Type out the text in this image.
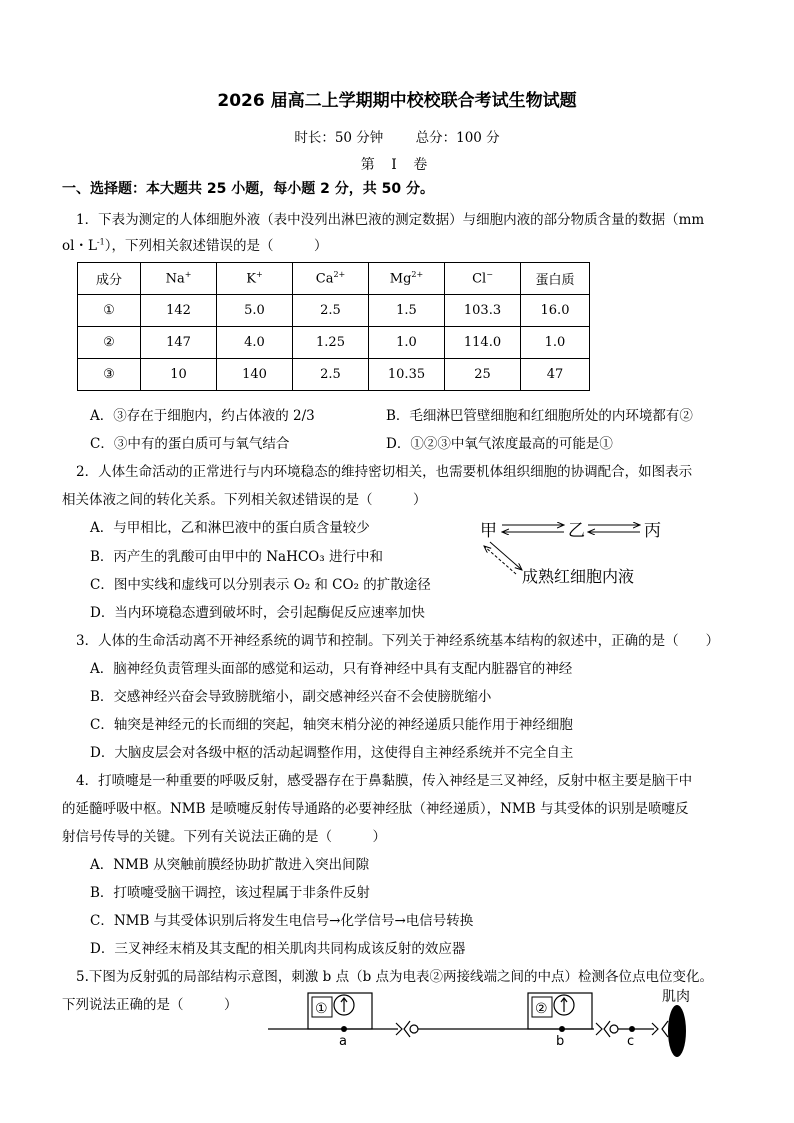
2026 届高二上学期期中校校联合考试生物试题
时长：50 分钟 总分：100 分
第 Ⅰ 卷
一、选择题：本大题共 25 小题，每小题 2 分，共 50 分。
1．下表为测定的人体细胞外液（表中没列出淋巴液的测定数据）与细胞内液的部分物质含量的数据（mm
ol・$L^{-1}$），下列相关叙述错误的是（　　　）
成分	Na+	K+	$Ca^{2+}$	$Mg^{2+}$	Cl−	蛋白质
①	142	5.0	2.5	1.5	103.3	16.0
②	147	4.0	1.25	1.0	114.0	1.0
③	10	140	2.5	10.35	25	47
A．③存在于细胞内，约占体液的 2/3	B．毛细淋巴管壁细胞和红细胞所处的内环境都有②
C．③中有的蛋白质可与氧气结合	D．①②③中氧气浓度最高的可能是①
2．人体生命活动的正常进行与内环境稳态的维持密切相关，也需要机体组织细胞的协调配合，如图表示
相关体液之间的转化关系。下列相关叙述错误的是（　　　）
A．与甲相比，乙和淋巴液中的蛋白质含量较少
B．丙产生的乳酸可由甲中的 NaHCO₃ 进行中和
C．图中实线和虚线可以分别表示 O₂ 和 CO₂ 的扩散途径
D．当内环境稳态遭到破坏时，会引起酶促反应速率加快
甲	乙	丙
成熟红细胞内液
3．人体的生命活动离不开神经系统的调节和控制。下列关于神经系统基本结构的叙述中，正确的是（　　）
A．脑神经负责管理头面部的感觉和运动，只有脊神经中具有支配内脏器官的神经
B．交感神经兴奋会导致膀胱缩小，副交感神经兴奋不会使膀胱缩小
C．轴突是神经元的长而细的突起，轴突末梢分泌的神经递质只能作用于神经细胞
D．大脑皮层会对各级中枢的活动起调整作用，这使得自主神经系统并不完全自主
4．打喷嚏是一种重要的呼吸反射，感受器存在于鼻黏膜，传入神经是三叉神经，反射中枢主要是脑干中
的延髓呼吸中枢。NMB 是喷嚏反射传导通路的必要神经肽（神经递质），NMB 与其受体的识别是喷嚏反
射信号传导的关键。下列有关说法正确的是（　　　）
A．NMB 从突触前膜经协助扩散进入突出间隙
B．打喷嚏受脑干调控，该过程属于非条件反射
C．NMB 与其受体识别后将发生电信号→化学信号→电信号转换
D．三叉神经末梢及其支配的相关肌肉共同构成该反射的效应器
5.下图为反射弧的局部结构示意图，刺激 b 点（b 点为电表②两接线端之间的中点）检测各位点电位变化。
下列说法正确的是（　　　）	①
a
②
b	c
肌肉
